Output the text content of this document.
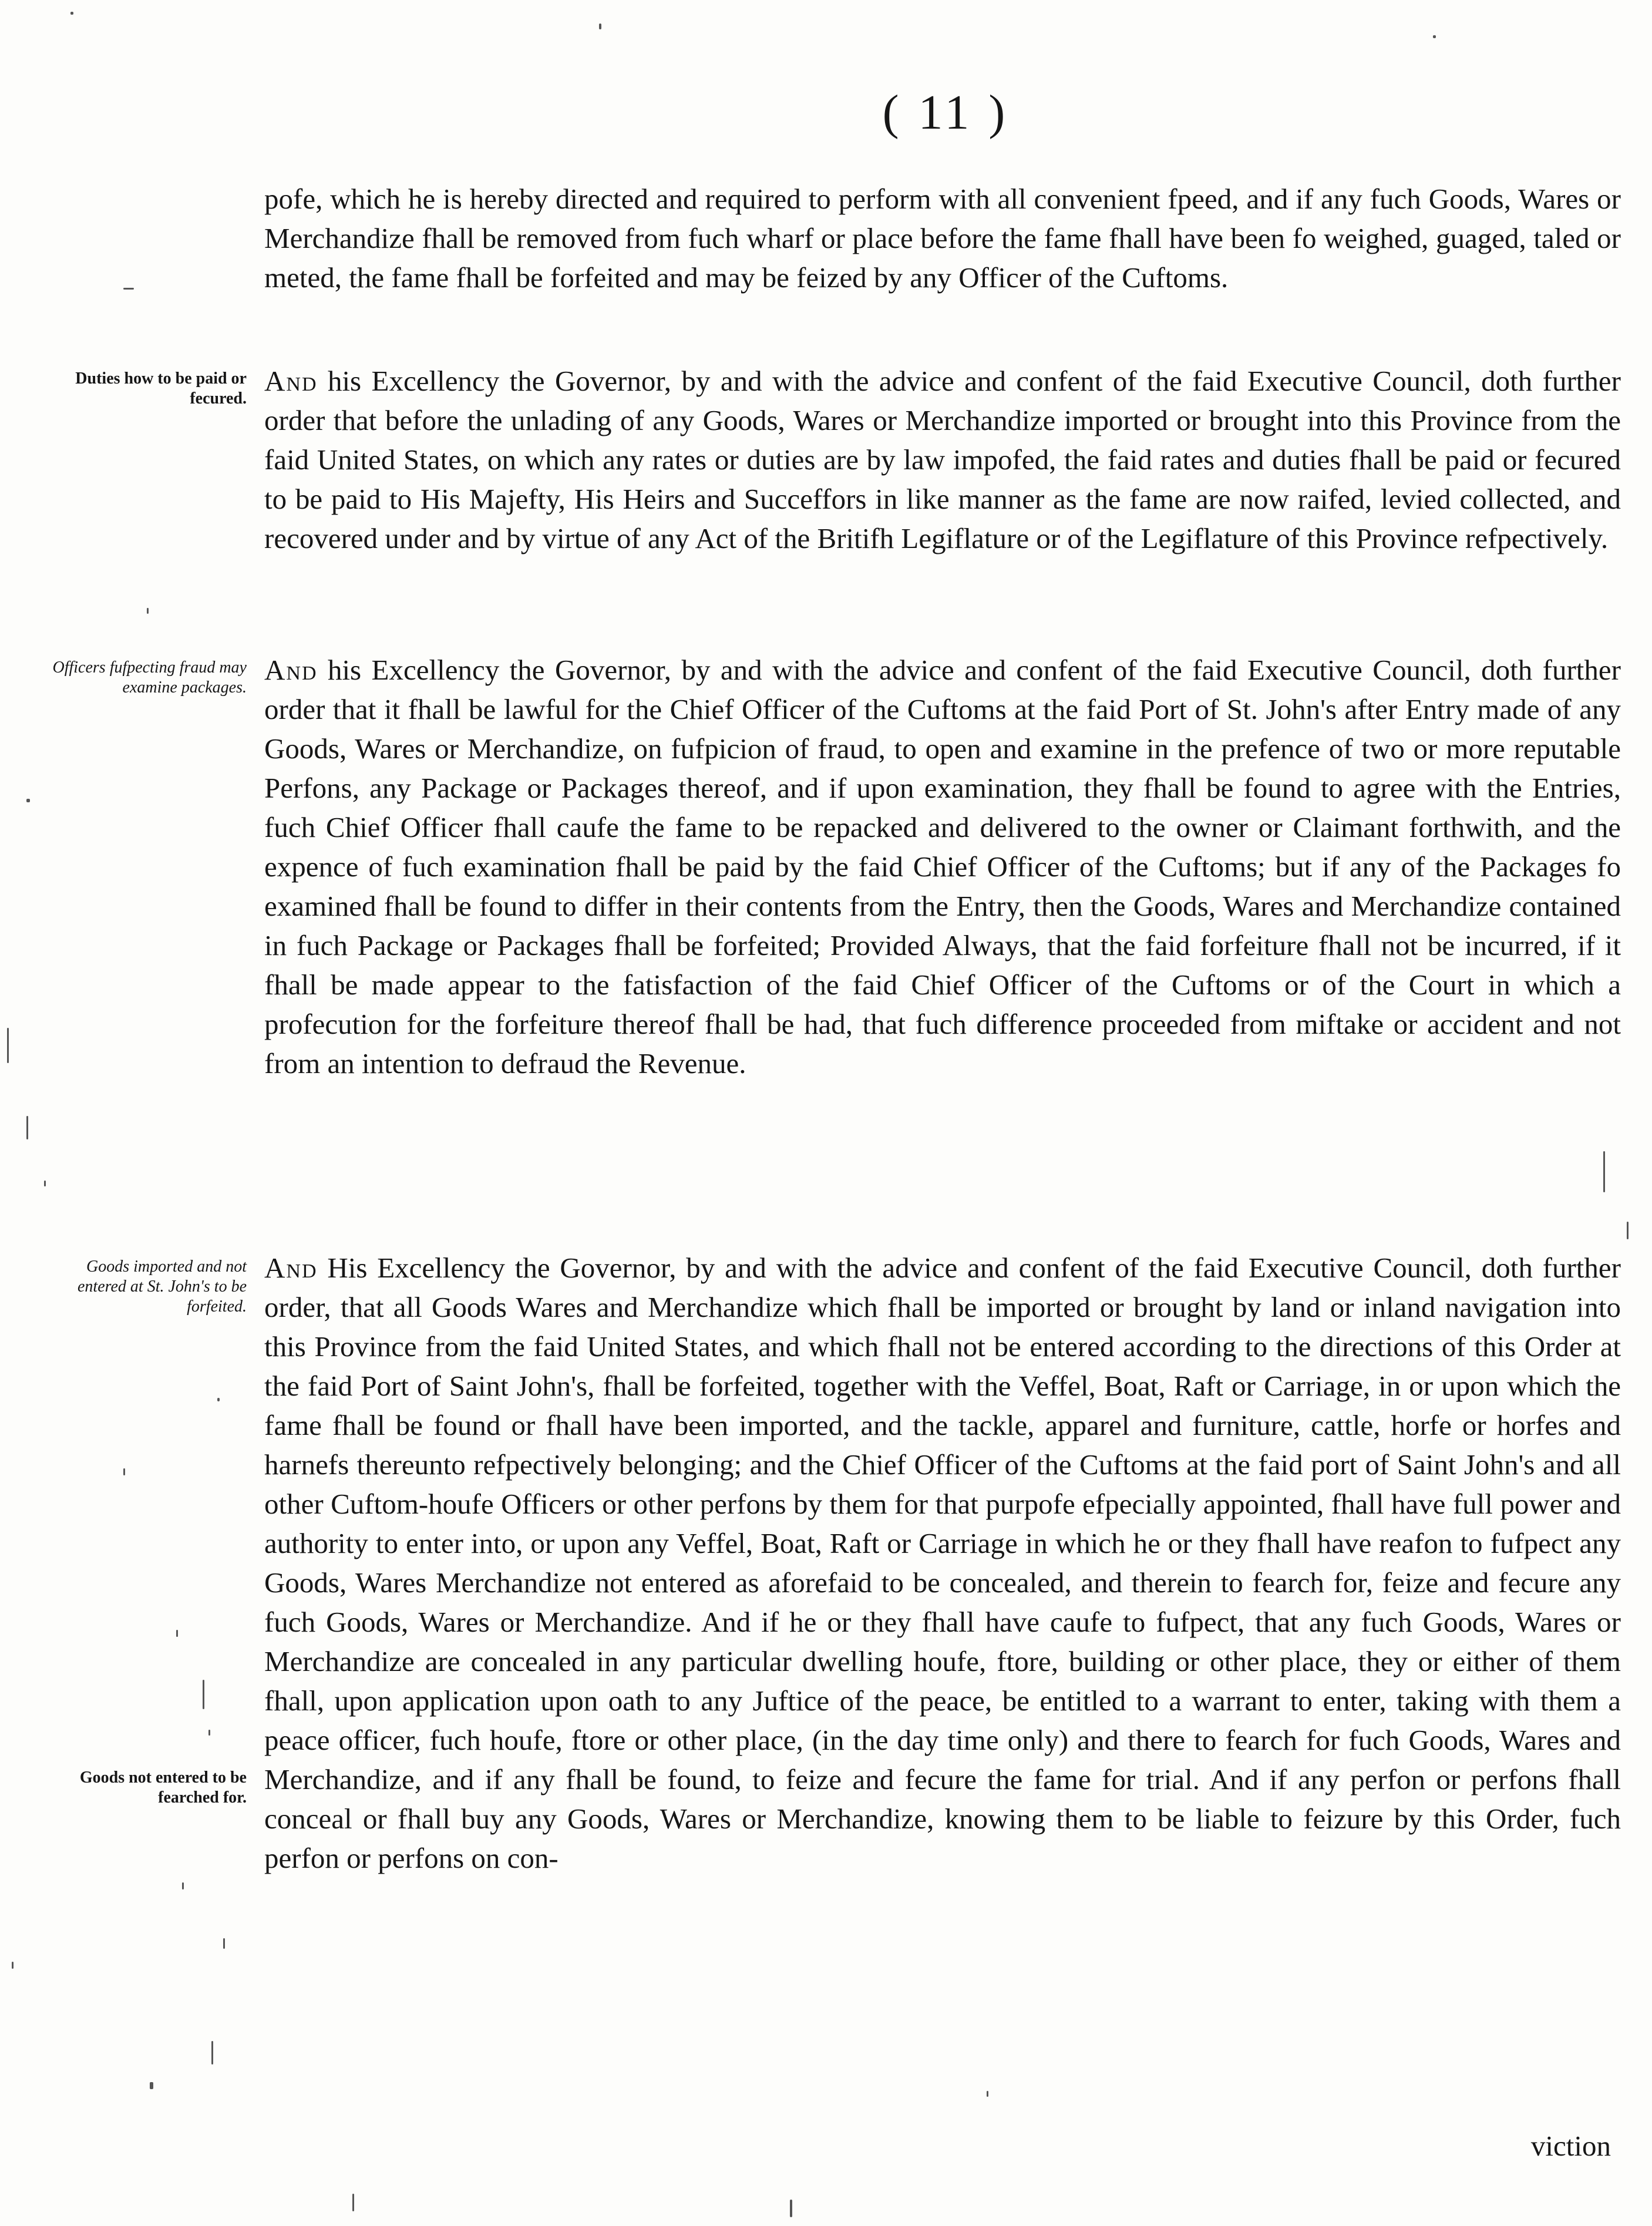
( 11 )
pofe, which he is hereby directed and required to perform with all convenient fpeed, and if any fuch Goods, Wares or Merchandize fhall be removed from fuch wharf or place before the fame fhall have been fo weighed, guaged, taled or meted, the fame fhall be forfeited and may be feized by any Officer of the Cuftoms.
Duties how to be paid or fecured.
And his Excellency the Governor, by and with the advice and confent of the faid Executive Council, doth further order that before the unlading of any Goods, Wares or Merchandize imported or brought into this Province from the faid United States, on which any rates or duties are by law impofed, the faid rates and duties fhall be paid or fecured to be paid to His Majefty, His Heirs and Succeffors in like manner as the fame are now raifed, levied collected, and recovered under and by virtue of any Act of the Britifh Legiflature or of the Legiflature of this Province refpectively.
Officers fufpecting fraud may examine packages.
And his Excellency the Governor, by and with the advice and confent of the faid Executive Council, doth further order that it fhall be lawful for the Chief Officer of the Cuftoms at the faid Port of St. John's after Entry made of any Goods, Wares or Merchandize, on fufpicion of fraud, to open and examine in the prefence of two or more reputable Perfons, any Package or Packages thereof, and if upon examination, they fhall be found to agree with the Entries, fuch Chief Officer fhall caufe the fame to be repacked and delivered to the owner or Claimant forthwith, and the expence of fuch examination fhall be paid by the faid Chief Officer of the Cuftoms; but if any of the Packages fo examined fhall be found to differ in their contents from the Entry, then the Goods, Wares and Merchandize contained in fuch Package or Packages fhall be forfeited; Provided Always, that the faid forfeiture fhall not be incurred, if it fhall be made appear to the fatisfaction of the faid Chief Officer of the Cuftoms or of the Court in which a profecution for the forfeiture thereof fhall be had, that fuch difference proceeded from miftake or accident and not from an intention to defraud the Revenue.
Goods imported and not entered at St. John's to be forfeited.
And His Excellency the Governor, by and with the advice and confent of the faid Executive Council, doth further order, that all Goods Wares and Merchandize which fhall be imported or brought by land or inland navigation into this Province from the faid United States, and which fhall not be entered according to the directions of this Order at the faid Port of Saint John's, fhall be forfeited, together with the Veffel, Boat, Raft or Carriage, in or upon which the fame fhall be found or fhall have been imported, and the tackle, apparel and furniture, cattle, horfe or horfes and harnefs thereunto refpectively belonging; and the Chief Officer of the Cuftoms at the faid port of Saint John's and all other Cuftom-houfe Officers or other perfons by them for that purpofe efpecially appointed, fhall have full power and authority to enter into, or upon any Veffel, Boat, Raft or Carriage in which he or they fhall have reafon to fufpect any Goods, Wares Merchandize not entered as aforefaid to be concealed, and therein to fearch for, feize and fecure any fuch Goods, Wares or Merchandize. And if he or they fhall have caufe to fufpect, that any fuch Goods, Wares or Merchandize are concealed in any particular dwelling houfe, ftore, building or other place, they or either of them fhall, upon application upon oath to any Juftice of the peace, be entitled to a warrant to enter, taking with them a peace officer, fuch houfe, ftore or other place, (in the day time only) and there to fearch for fuch Goods, Wares and Merchandize, and if any fhall be found, to feize and fecure the fame for trial. And if any perfon or perfons fhall conceal or fhall buy any Goods, Wares or Merchandize, knowing them to be liable to feizure by this Order, fuch perfon or perfons on con-
Goods not entered to be fearched for.
viction
